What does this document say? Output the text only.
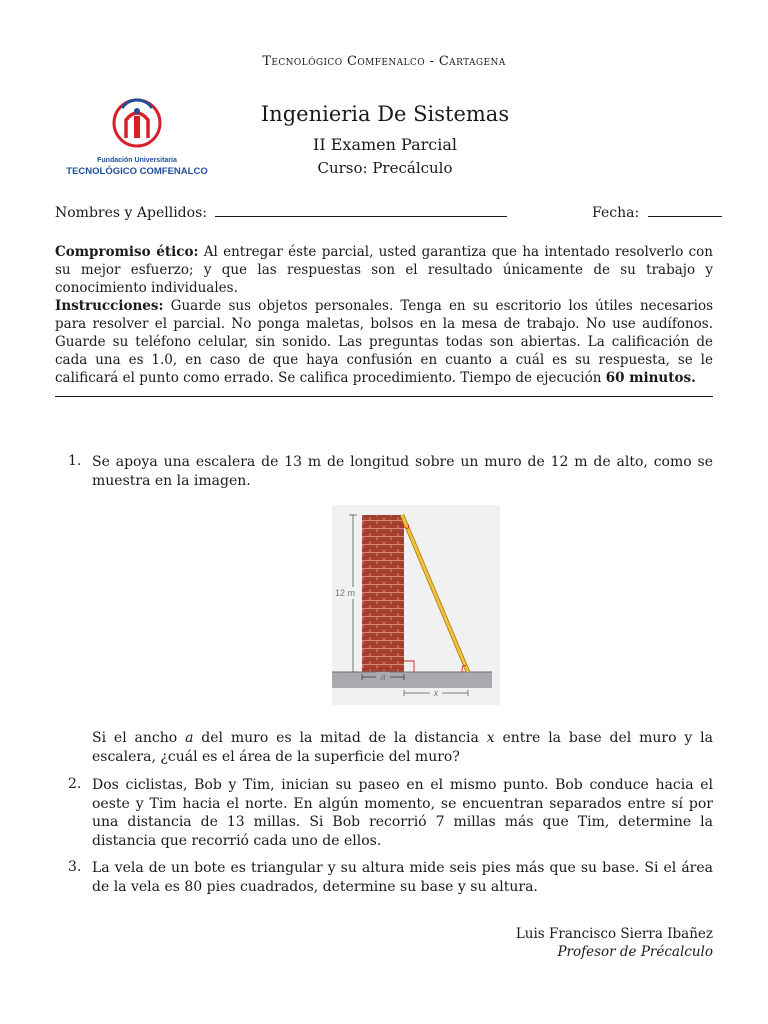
Tecnológico Comfenalco - Cartagena
Fundación Universitaria
TECNOLÓGICO COMFENALCO
Ingenieria De Sistemas
II Examen Parcial
Curso: Precálculo
Nombres y Apellidos:	Fecha:
Compromiso ético: Al entregar éste parcial, usted garantiza que ha intentado resolverlo con su mejor esfuerzo; y que las respuestas son el resultado únicamente de su trabajo y conocimiento individuales.
Instrucciones: Guarde sus objetos personales. Tenga en su escritorio los útiles necesarios para resolver el parcial. No ponga maletas, bolsos en la mesa de trabajo. No use audífonos. Guarde su teléfono celular, sin sonido. Las preguntas todas son abiertas. La calificación de cada una es 1.0, en caso de que haya confusión en cuanto a cuál es su respuesta, se le calificará el punto como errado. Se califica procedimiento. Tiempo de ejecución 60 minutos.
1. Se apoya una escalera de 13 m de longitud sobre un muro de 12 m de alto, como se muestra en la imagen.
12 m
a
x
Si el ancho a del muro es la mitad de la distancia x entre la base del muro y la escalera, ¿cuál es el área de la superficie del muro?
2. Dos ciclistas, Bob y Tim, inician su paseo en el mismo punto. Bob conduce hacia el oeste y Tim hacia el norte. En algún momento, se encuentran separados entre sí por una distancia de 13 millas. Si Bob recorrió 7 millas más que Tim, determine la distancia que recorrió cada uno de ellos.
3. La vela de un bote es triangular y su altura mide seis pies más que su base. Si el área de la vela es 80 pies cuadrados, determine su base y su altura.
Luis Francisco Sierra Ibañez
Profesor de Précalculo
